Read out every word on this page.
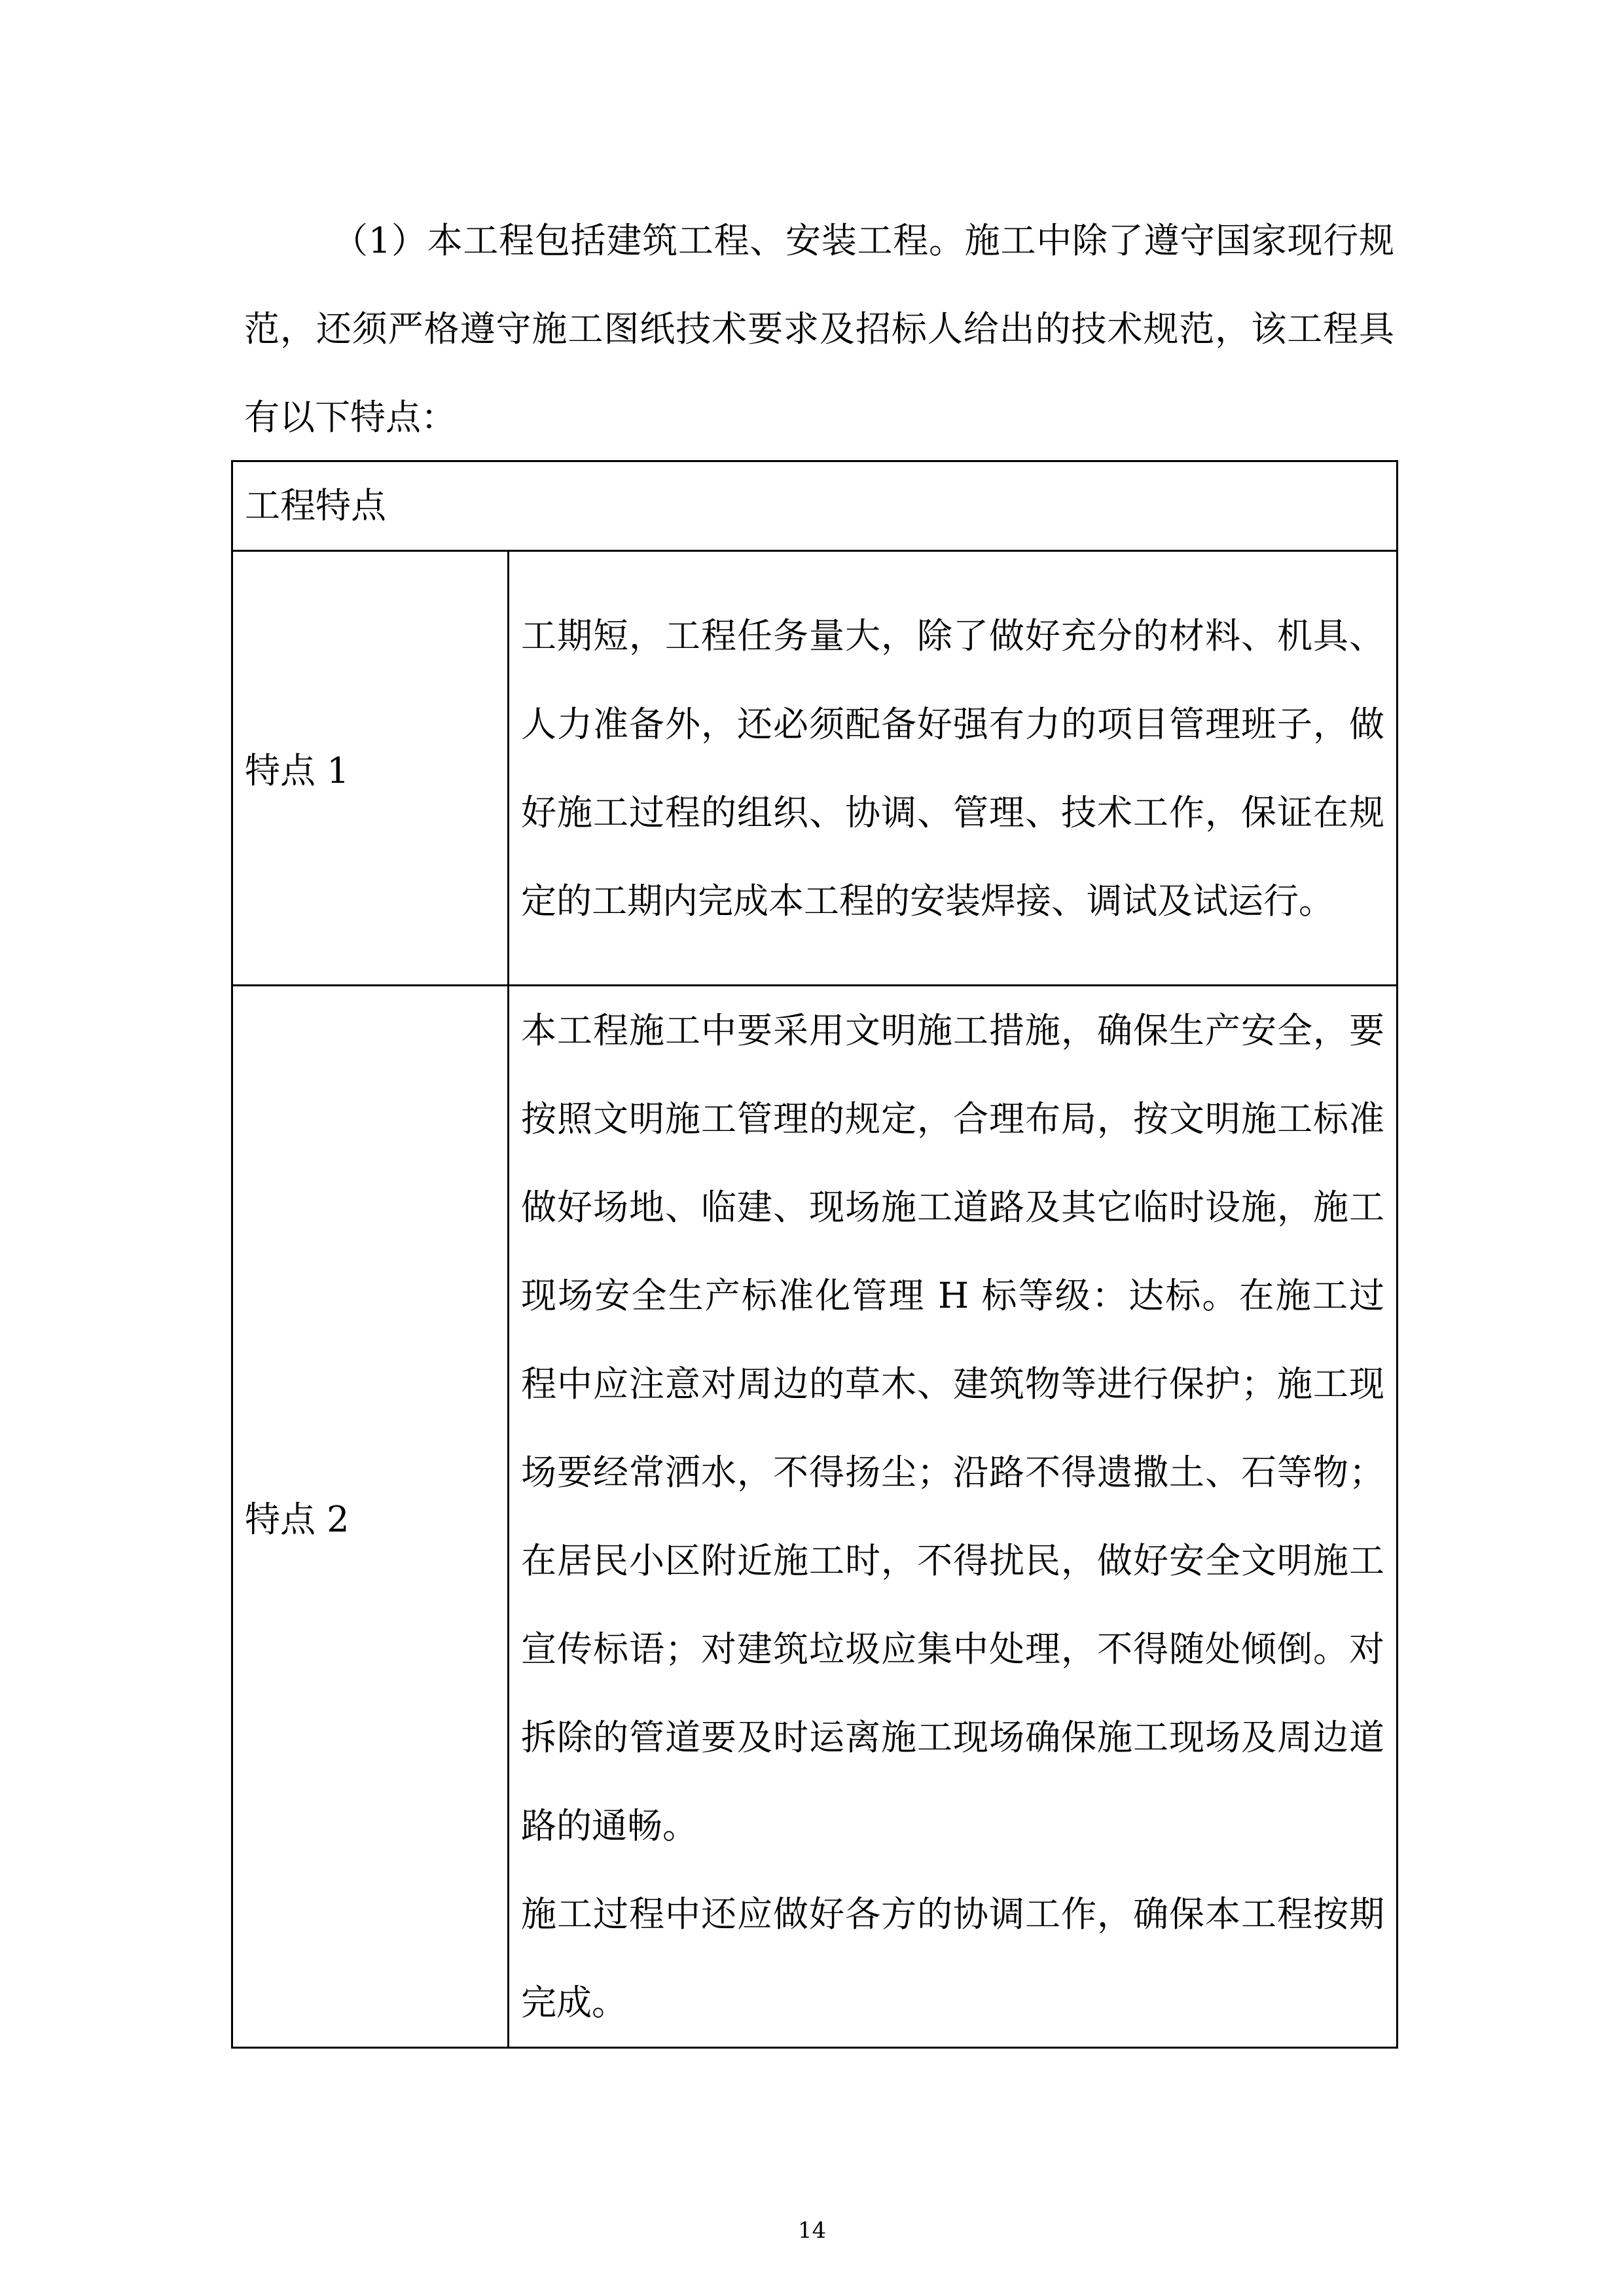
（1）本工程包括建筑工程、安装工程。施工中除了遵守国家现行规范，还须严格遵守施工图纸技术要求及招标人给出的技术规范，该工程具有以下特点：

工程特点	
特点 1	工期短，工程任务量大，除了做好充分的材料、机具、人力准备外，还必须配备好强有力的项目管理班子，做好施工过程的组织、协调、管理、技术工作，保证在规定的工期内完成本工程的安装焊接、调试及试运行。

特点 2	本工程施工中要采用文明施工措施，确保生产安全，要按照文明施工管理的规定，合理布局，按文明施工标准做好场地、临建、现场施工道路及其它临时设施，施工现场安全生产标准化管理 H 标等级：达标。在施工过程中应注意对周边的草木、建筑物等进行保护；施工现场要经常洒水，不得扬尘；沿路不得遗撒土、石等物；在居民小区附近施工时，不得扰民，做好安全文明施工宣传标语；对建筑垃圾应集中处理，不得随处倾倒。对拆除的管道要及时运离施工现场确保施工现场及周边道路的通畅。

施工过程中还应做好各方的协调工作，确保本工程按期完成。

14
